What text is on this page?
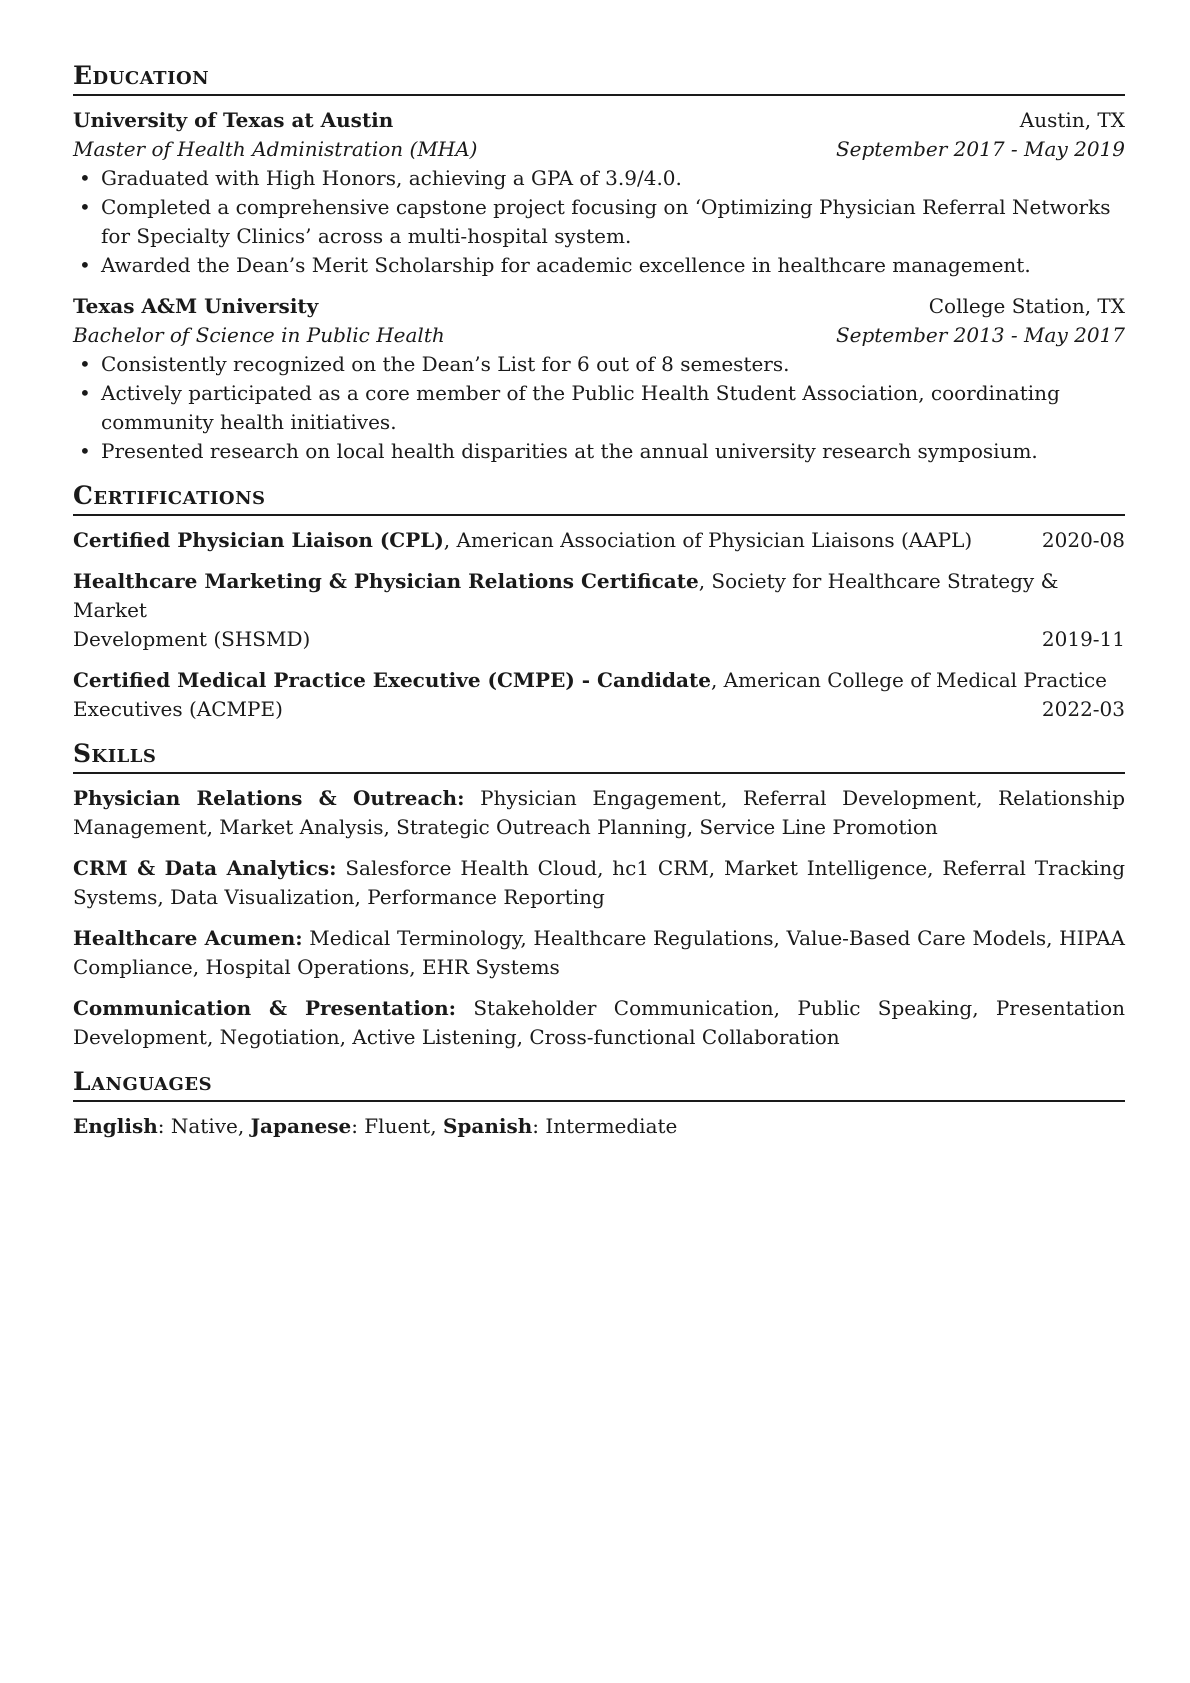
Education
University of Texas at Austin	Austin, TX
Master of Health Administration (MHA)	September 2017 - May 2019
• Graduated with High Honors, achieving a GPA of 3.9/4.0.
• Completed a comprehensive capstone project focusing on ‘Optimizing Physician Referral Networks for Specialty Clinics’ across a multi-hospital system.
• Awarded the Dean’s Merit Scholarship for academic excellence in healthcare management.
Texas A&M University	College Station, TX
Bachelor of Science in Public Health	September 2013 - May 2017
• Consistently recognized on the Dean’s List for 6 out of 8 semesters.
• Actively participated as a core member of the Public Health Student Association, coordinating community health initiatives.
• Presented research on local health disparities at the annual university research symposium.
Certifications
Certified Physician Liaison (CPL), American Association of Physician Liaisons (AAPL)	2020-08
Healthcare Marketing & Physician Relations Certificate, Society for Healthcare Strategy & Market
Development (SHSMD)	2019-11
Certified Medical Practice Executive (CMPE) - Candidate, American College of Medical Practice
Executives (ACMPE)	2022-03
Skills
Physician Relations & Outreach: Physician Engagement, Referral Development, Relationship Management, Market Analysis, Strategic Outreach Planning, Service Line Promotion
CRM & Data Analytics: Salesforce Health Cloud, hc1 CRM, Market Intelligence, Referral Tracking Systems, Data Visualization, Performance Reporting
Healthcare Acumen: Medical Terminology, Healthcare Regulations, Value-Based Care Models, HIPAA Compliance, Hospital Operations, EHR Systems
Communication & Presentation: Stakeholder Communication, Public Speaking, Presentation Development, Negotiation, Active Listening, Cross-functional Collaboration
Languages
English: Native, Japanese: Fluent, Spanish: Intermediate
